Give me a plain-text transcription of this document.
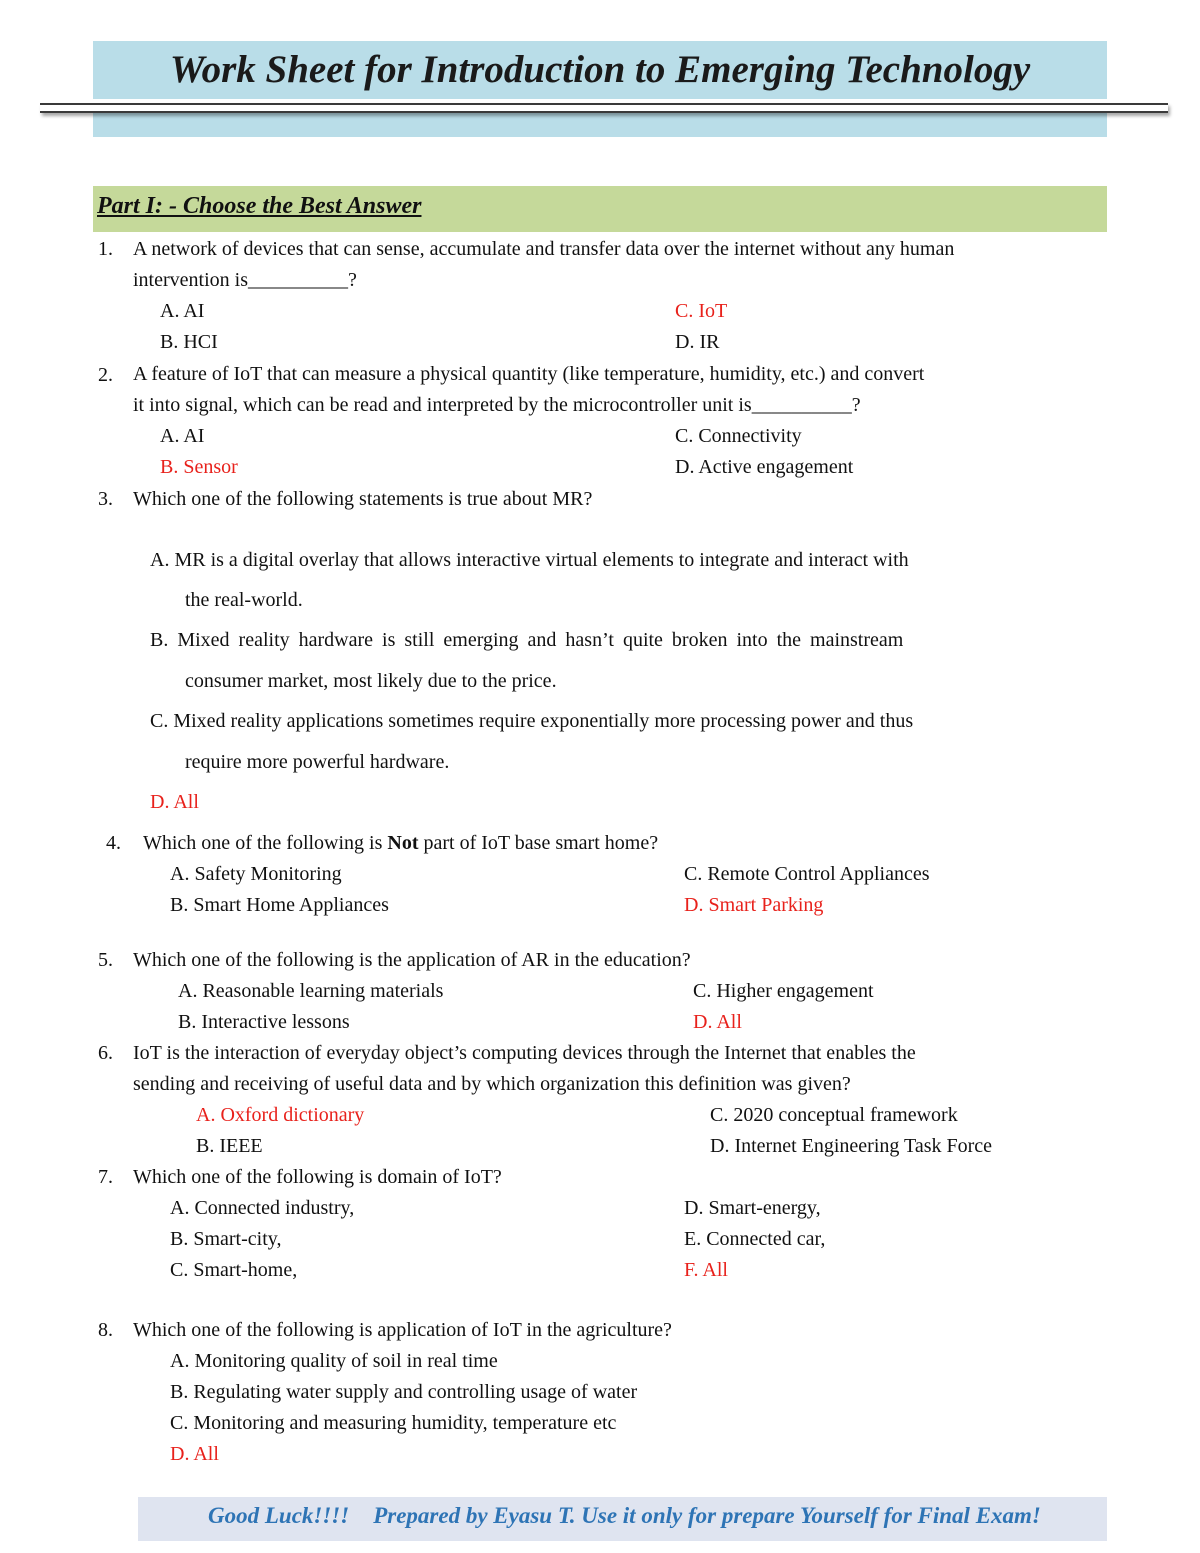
Work Sheet for Introduction to Emerging Technology
Part I: - Choose the Best Answer
1. A network of devices that can sense, accumulate and transfer data over the internet without any human
intervention is__________?
A. AI
B. HCI
C. IoT
D. IR
2. A feature of IoT that can measure a physical quantity (like temperature, humidity, etc.) and convert
it into signal, which can be read and interpreted by the microcontroller unit is__________?
A. AI
B. Sensor
C. Connectivity
D. Active engagement
3. Which one of the following statements is true about MR?
A. MR is a digital overlay that allows interactive virtual elements to integrate and interact with
the real-world.
B. Mixed reality hardware is still emerging and hasn’t quite broken into the mainstream
consumer market, most likely due to the price.
C. Mixed reality applications sometimes require exponentially more processing power and thus
require more powerful hardware.
D. All
4. Which one of the following is Not part of IoT base smart home?
A. Safety Monitoring
B. Smart Home Appliances
C. Remote Control Appliances
D. Smart Parking
5. Which one of the following is the application of AR in the education?
A. Reasonable learning materials
B. Interactive lessons
C. Higher engagement
D. All
6. IoT is the interaction of everyday object’s computing devices through the Internet that enables the
sending and receiving of useful data and by which organization this definition was given?
A. Oxford dictionary
B. IEEE
C. 2020 conceptual framework
D. Internet Engineering Task Force
7. Which one of the following is domain of IoT?
A. Connected industry,
B. Smart-city,
C. Smart-home,
D. Smart-energy,
E. Connected car,
F. All
8. Which one of the following is application of IoT in the agriculture?
A. Monitoring quality of soil in real time
B. Regulating water supply and controlling usage of water
C. Monitoring and measuring humidity, temperature etc
D. All
Good Luck!!!! Prepared by Eyasu T. Use it only for prepare Yourself for Final Exam!
